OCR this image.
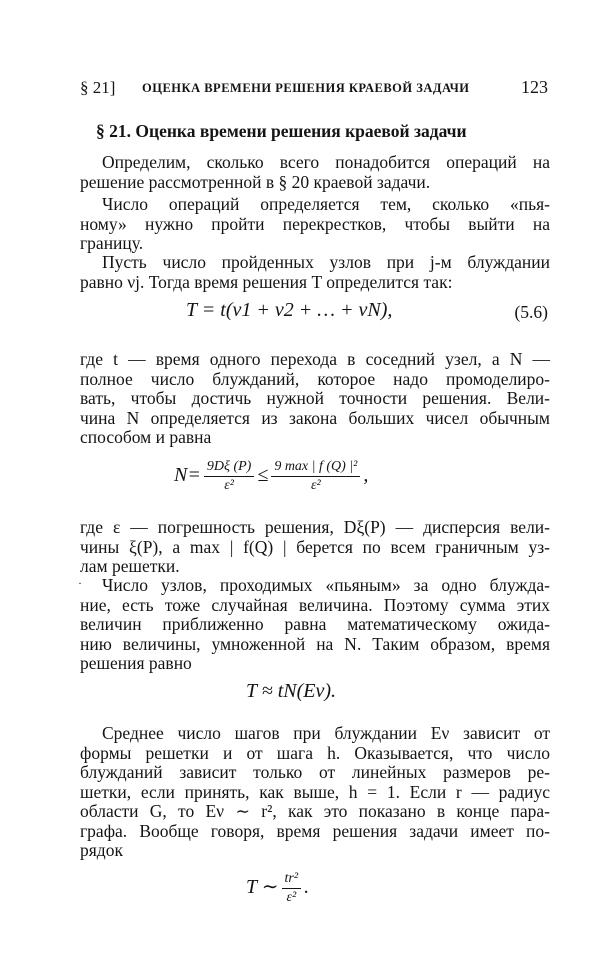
§ 21] ОЦЕНКА ВРЕМЕНИ РЕШЕНИЯ КРАЕВОЙ ЗАДАЧИ	123
§ 21. Оценка времени решения краевой задачи
Определим, сколько всего понадобится операций на
решение рассмотренной в § 20 краевой задачи.
Число операций определяется тем, сколько «пья-
ному» нужно пройти перекрестков, чтобы выйти на
границу.
Пусть число пройденных узлов при j-м блуждании
равно νj. Тогда время решения T определится так:
T = t(ν1 + ν2 + … + νN),	(5.6)
где t — время одного перехода в соседний узел, а N —
полное число блужданий, которое надо промоделиро-
вать, чтобы достичь нужной точности решения. Вели-
чина N определяется из закона больших чисел обычным
способом и равна
$N= \frac{9D\xi (P)}{\text{ε²}} \le \frac{\text{9 max | f (Q) |²}}{\text{ε²}}$ ,
где ε — погрешность решения, Dξ(P) — дисперсия вели-
чины ξ(P), а max | f(Q) | берется по всем граничным уз-
лам решетки.
·	Число узлов, проходимых «пьяным» за одно блужда-
ние, есть тоже случайная величина. Поэтому сумма этих
величин приближенно равна математическому ожида-
нию величины, умноженной на N. Таким образом, время
решения равно
T ≈ tN(Eν).
Среднее число шагов при блуждании Eν зависит от
формы решетки и от шага h. Оказывается, что число
блужданий зависит только от линейных размеров ре-
шетки, если принять, как выше, h = 1. Если r — радиус
области G, то Eν ∼ r², как это показано в конце пара-
графа. Вообще говоря, время решения задачи имеет по-
рядок
T ∼ $\frac{\text{tr²}}{\text{ε²}}$ .
